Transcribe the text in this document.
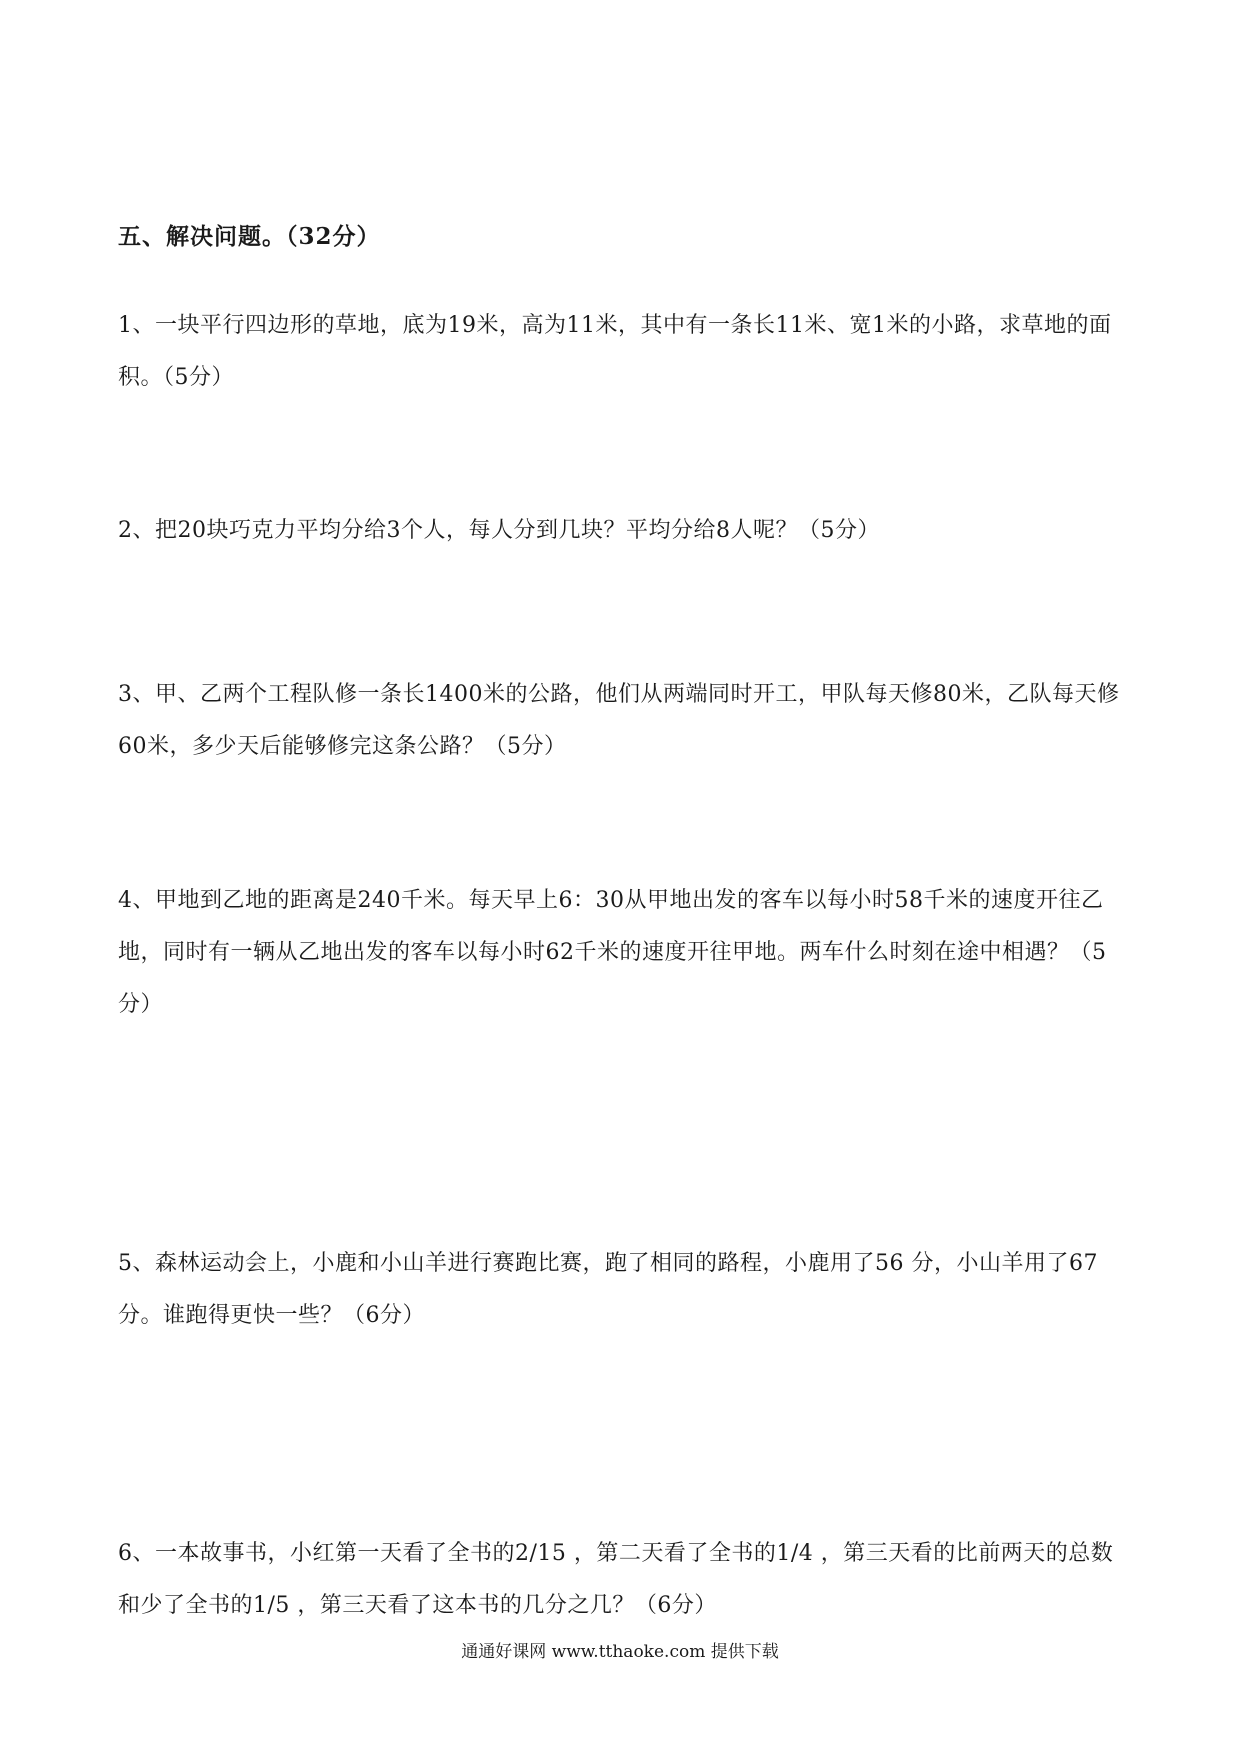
五、解决问题。（32分）

1、一块平行四边形的草地，底为19米，高为11米，其中有一条长11米、宽1米的小路，求草地的面积。（5分）

2、把20块巧克力平均分给3个人，每人分到几块？平均分给8人呢？（5分）

3、甲、乙两个工程队修一条长1400米的公路，他们从两端同时开工，甲队每天修80米，乙队每天修60米，多少天后能够修完这条公路？（5分）

4、甲地到乙地的距离是240千米。每天早上6：30从甲地出发的客车以每小时58千米的速度开往乙地，同时有一辆从乙地出发的客车以每小时62千米的速度开往甲地。两车什么时刻在途中相遇？（5分）

5、森林运动会上，小鹿和小山羊进行赛跑比赛，跑了相同的路程，小鹿用了56 分，小山羊用了67 分。谁跑得更快一些？（6分）

6、一本故事书，小红第一天看了全书的2/15 ，第二天看了全书的1/4 ，第三天看的比前两天的总数和少了全书的1/5 ，第三天看了这本书的几分之几？（6分）

通通好课网 www.tthaoke.com 提供下载
